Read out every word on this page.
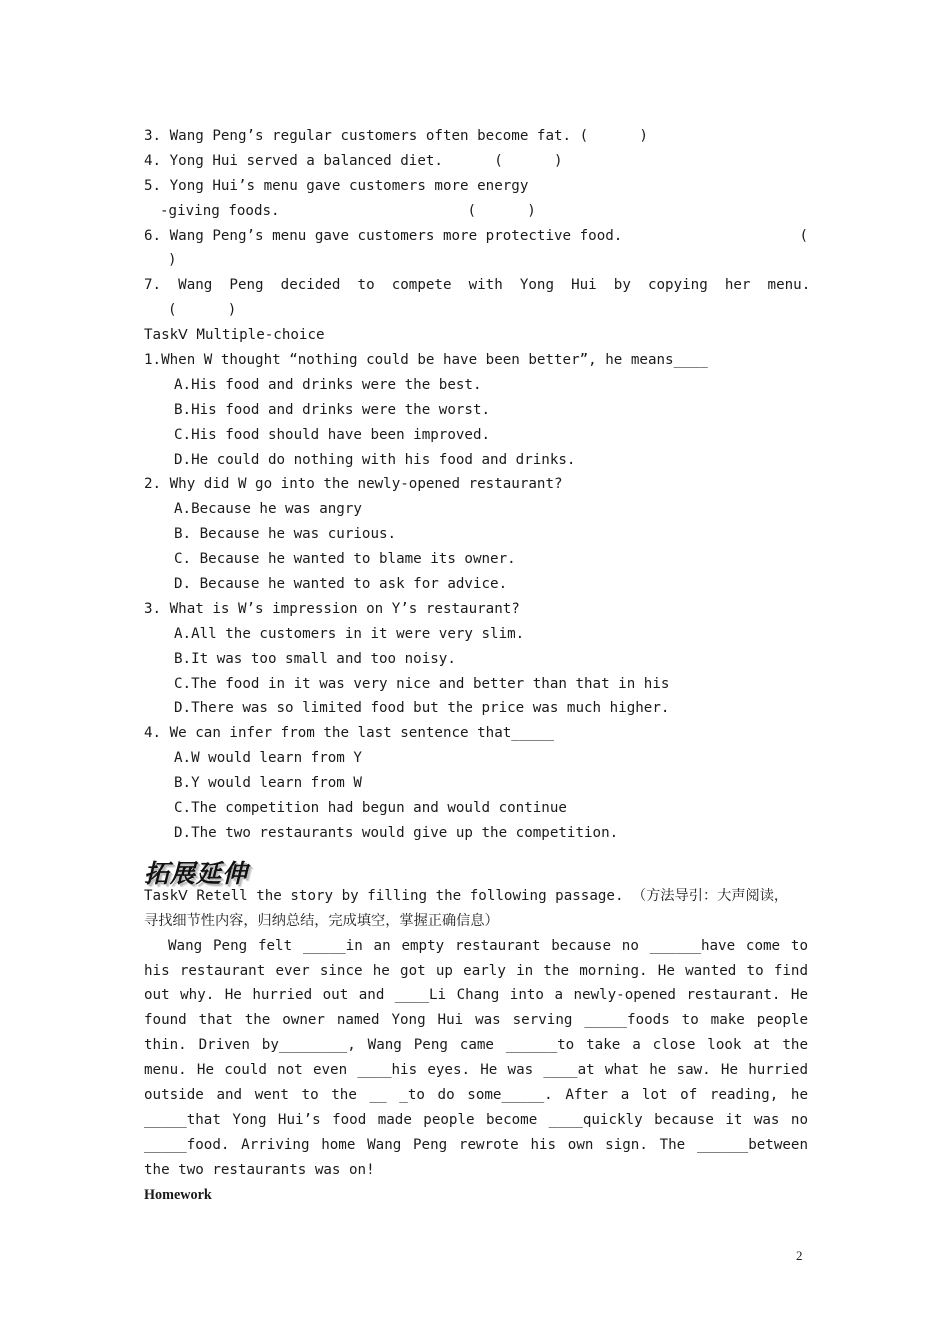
3. Wang Peng’s regular customers often become fat. (      )
4. Yong Hui served a balanced diet.      (      )
5. Yong Hui’s menu gave customers more energy
-giving foods.                      (      )
6. Wang Peng’s menu gave customers more protective food.	(
)
7.  Wang  Peng  decided  to  compete  with  Yong  Hui  by  copying  her  menu.
(      )
TaskⅤ Multiple-choice
1.When W thought “nothing could be have been better”, he means____
A.His food and drinks were the best.
B.His food and drinks were the worst.
C.His food should have been improved.
D.He could do nothing with his food and drinks.
2. Why did W go into the newly-opened restaurant?
A.Because he was angry
B. Because he was curious.
C. Because he wanted to blame its owner.
D. Because he wanted to ask for advice.
3. What is W’s impression on Y’s restaurant?
A.All the customers in it were very slim.
B.It was too small and too noisy.
C.The food in it was very nice and better than that in his
D.There was so limited food but the price was much higher.
4. We can infer from the last sentence that_____
A.W would learn from Y
B.Y would learn from W
C.The competition had begun and would continue
D.The two restaurants would give up the competition.
拓展延伸
TaskⅤ Retell the story by filling the following passage. （方法导引：大声阅读，
寻找细节性内容，归纳总结，完成填空，掌握正确信息）

Wang Peng felt _____in an empty restaurant because no ______have come to his restaurant ever since he got up early in the morning. He wanted to find out why. He hurried out and ____Li Chang into a newly-opened restaurant. He found that the owner named Yong Hui was serving _____foods to make people thin. Driven by________, Wang Peng came ______to take a close look at the menu. He could not even ____his eyes. He was ____at what he saw. He hurried outside and went to the __ _to do some_____. After a lot of reading, he _____that Yong Hui’s food made people become ____quickly because it was no _____food. Arriving home Wang Peng rewrote his own sign. The ______between the two restaurants was on!

Homework
2
